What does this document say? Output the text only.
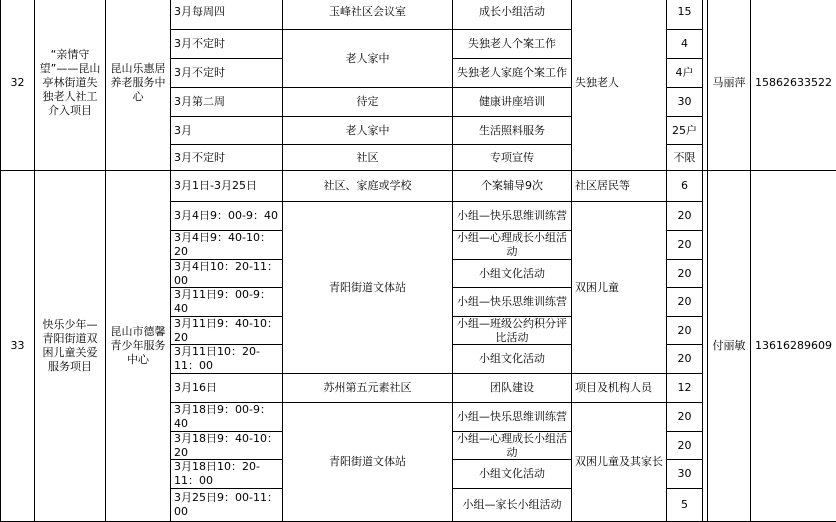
32
“亲情守望”——昆山亭林街道失独老人社工介入项目
昆山乐惠居养老服务中心
3月每周四
3月不定时
3月不定时
3月第二周
3月
3月不定时
玉峰社区会议室
老人家中
待定
老人家中
社区
成长小组活动
失独老人个案工作
失独老人家庭个案工作
健康讲座培训
生活照料服务
专项宣传
失独老人
15
4
4户
30
25户
不限
马丽萍 15862633522
33
快乐少年—青阳街道双困儿童关爱服务项目
昆山市德馨青少年服务中心
3月1日-3月25日
3月4日9：00-9：40
3月4日9：40-10：20
3月4日10：20-11：00
3月11日9：00-9：40
3月11日9：40-10：20
3月11日10：20-11：00
3月16日
3月18日9：00-9：40
3月18日9：40-10：20
3月18日10：20-11：00
3月25日9：00-11：00
社区、家庭或学校
青阳街道文体站
苏州第五元素社区
青阳街道文体站
个案辅导9次
小组—快乐思维训练营
小组—心理成长小组活动
小组文化活动
小组—快乐思维训练营
小组—班级公约积分评比活动
小组文化活动
团队建设
小组—快乐思维训练营
小组—心理成长小组活动
小组文化活动
小组—家长小组活动
社区居民等
双困儿童
项目及机构人员
双困儿童及其家长
6
20
20
20
20
20
20
12
20
20
30
5
付丽敏 13616289609
